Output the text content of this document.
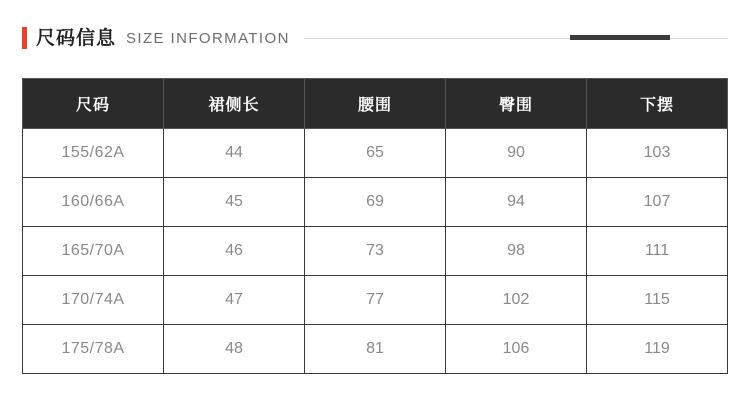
尺码信息 SIZE INFORMATION
尺码	裙侧长	腰围	臀围	下摆
155/62A	44	65	90	103
160/66A	45	69	94	107
165/70A	46	73	98	111
170/74A	47	77	102	115
175/78A	48	81	106	119
